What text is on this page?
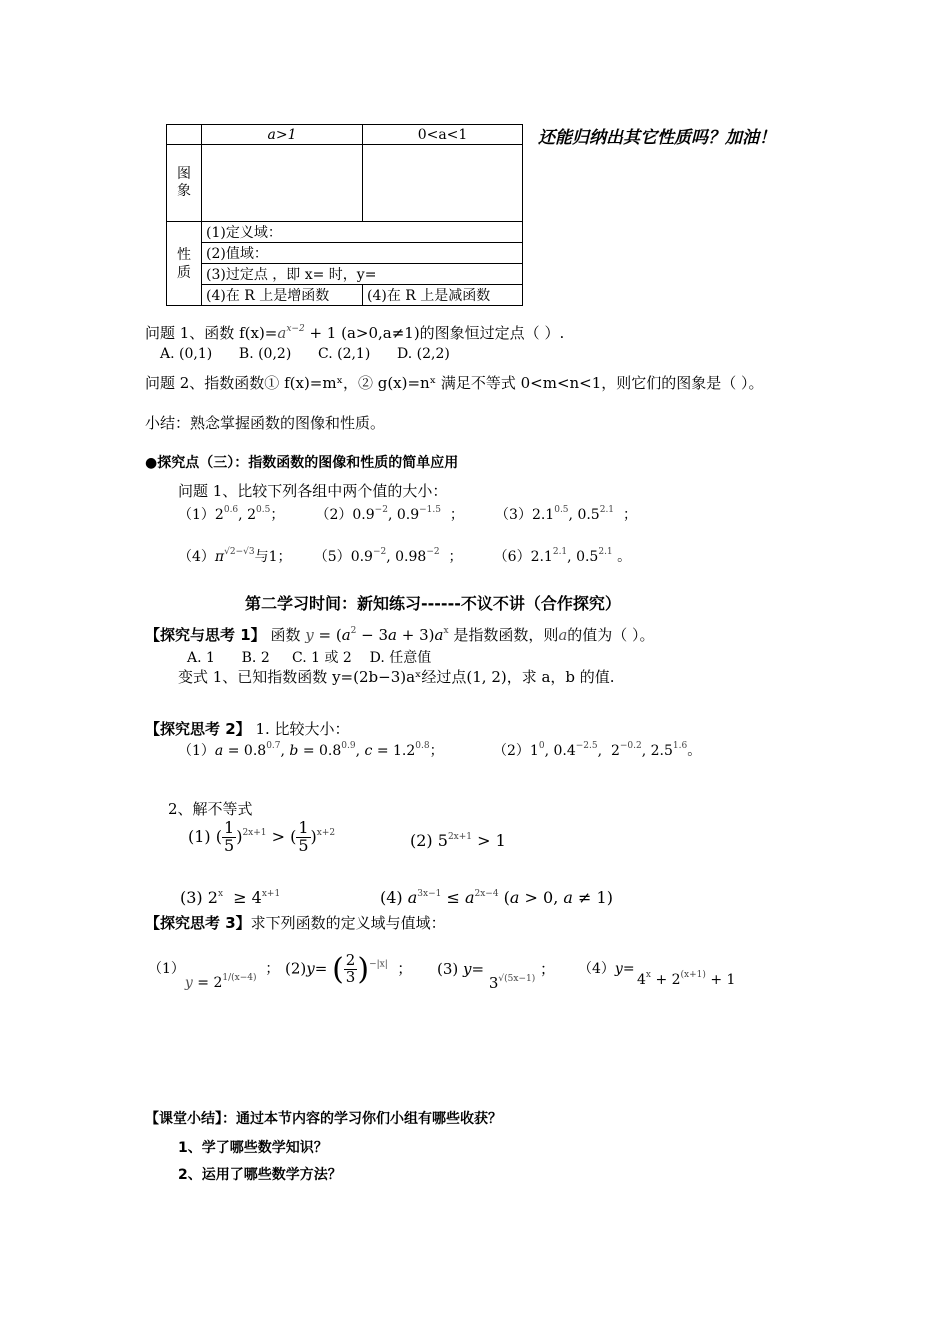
	a>1	0<a<1
图象		
性质	(1)定义域：	
	(2)值域：	
	(3)过定点 ，即 x= 时，y=	
	(4)在 R 上是增函数	(4)在 R 上是减函数
还能归纳出其它性质吗？加油！
问题 1、函数 $f(x)=a^{x-2} + 1$ (a>0,a≠1)的图象恒过定点（ ）.
A. (0,1) B. (0,2) C. (2,1) D. (2,2)
问题 2、指数函数① f(x)=mˣ，② g(x)=nˣ 满足不等式 0<m<n<1，则它们的图象是（ ）。
小结：熟念掌握函数的图像和性质。
●探究点（三）：指数函数的图像和性质的简单应用
问题 1、比较下列各组中两个值的大小：
$(1)2^{0.6}$, $2^{0.5}$；       $(2)0.9^{-2}$, $0.9^{-1.5}$  ；       $(3)2.1^{0.5}$, $0.5^{2.1}$  ；
$(4)\pi^{√2-√3}$与1；     $(5)0.9^{-2}$, $0.98^{-2}$  ；       $(6)2.1^{2.1}$, $0.5^{2.1}$ 。
第二学习时间：新知练习------不议不讲（合作探究）
【探究与思考 1】 函数 $y = (a^2 - 3a + 3)a^x$ 是指数函数，则a的值为（ ）。
A. 1 B. 2 C. 1 或 2 D. 任意值
变式 1、已知指数函数 y=(2b−3)aˣ经过点(1, 2)，求 a，b 的值.
【探究思考 2】 1. 比较大小：
$(1)a = 0.8^{0.7}$, $b = 0.8^{0.9}$, $c = 1.2^{0.8}$；	$(2)1^0$, $0.4^{-2.5}$,  $2^{-0.2}$, $2.5^{1.6}$。
2、解不等式
(1) ( $\frac{1}{5} )^{2x+1}$ > ( $\frac{1}{5} )^{x+2}$	(2) $5^{2x+1} > 1$
(3) $2^x \ge 4^{x+1}$	(4) $a^{3x-1} \le a^{2x-4}$ (a > 0, a ≠ 1)
【探究思考 3】求下列函数的定义域与值域：
$(1)y = 2^{1/(x-4)}$  ； (2)y= ( $\frac{2}{3} )^{-|x|}$  ； (3) $y= 3^{√(5x-1)}$ ； （4）y=
$4^x + 2^{(x+1)} + 1$
【课堂小结】：通过本节内容的学习你们小组有哪些收获？
1、学了哪些数学知识？
2、运用了哪些数学方法？
